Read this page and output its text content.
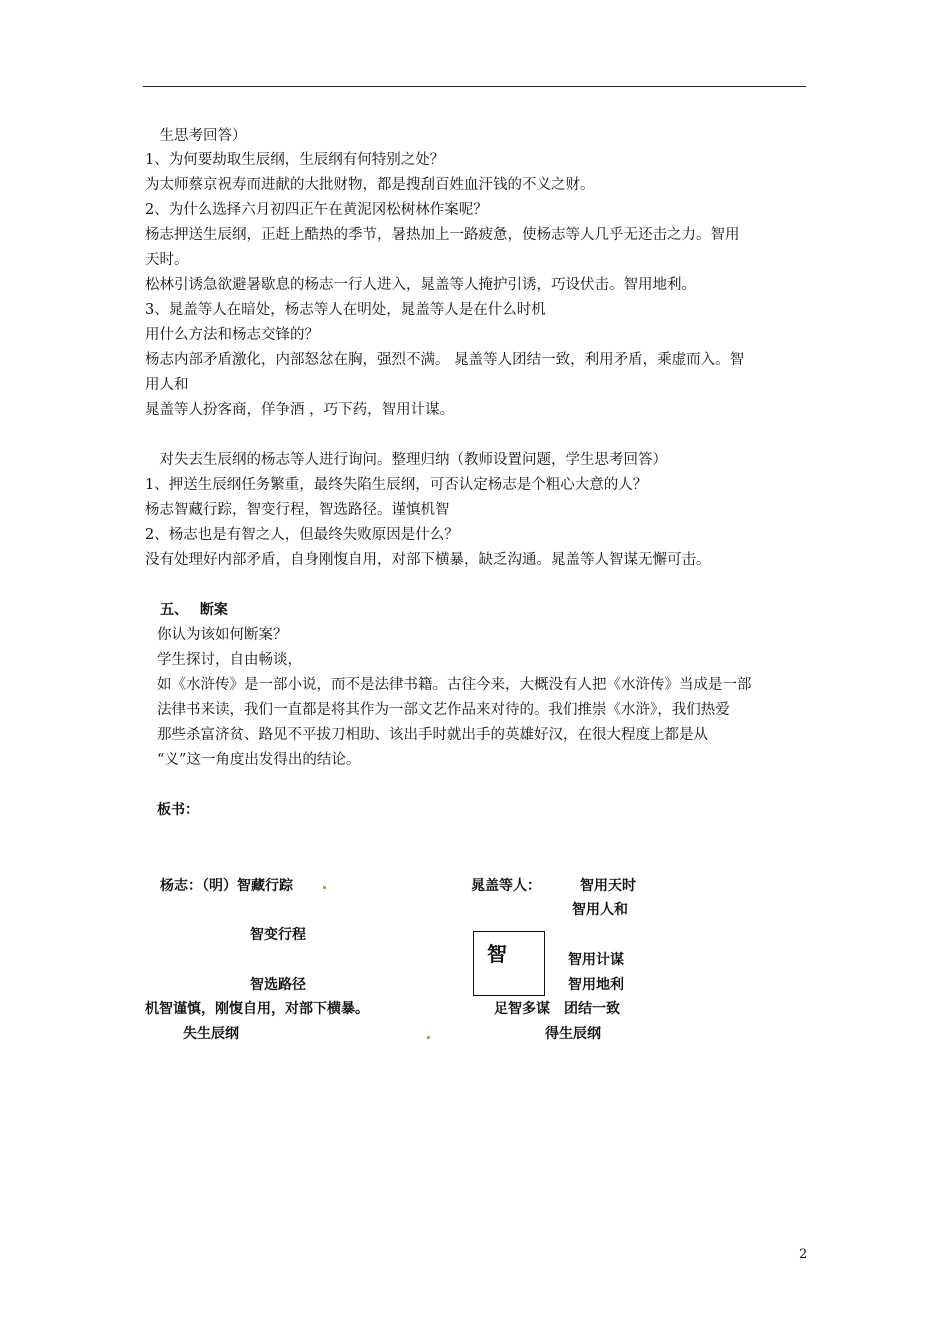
　生思考回答）
1、为何要劫取生辰纲，生辰纲有何特别之处？
为太师蔡京祝寿而进献的大批财物，都是搜刮百姓血汗钱的不义之财。
2、为什么选择六月初四正午在黄泥冈松树林作案呢？
杨志押送生辰纲，正赶上酷热的季节，暑热加上一路疲惫，使杨志等人几乎无还击之力。智用
天时。
松林引诱急欲避暑歇息的杨志一行人进入，晁盖等人掩护引诱，巧设伏击。智用地利。
3、晁盖等人在暗处，杨志等人在明处，晁盖等人是在什么时机
用什么方法和杨志交锋的？
杨志内部矛盾激化，内部怒忿在胸，强烈不满。 晁盖等人团结一致，利用矛盾，乘虚而入。智
用人和
晁盖等人扮客商，佯争酒 ，巧下药，智用计谋。
　对失去生辰纲的杨志等人进行询问。整理归纳（教师设置问题，学生思考回答）
1、押送生辰纲任务繁重，最终失陷生辰纲，可否认定杨志是个粗心大意的人？
杨志智藏行踪，智变行程，智选路径。谨慎机智
2、杨志也是有智之人，但最终失败原因是什么？
没有处理好内部矛盾，自身刚愎自用，对部下横暴，缺乏沟通。晁盖等人智谋无懈可击。
五、　 断案
你认为该如何断案？
学生探讨，自由畅谈，
如《水浒传》是一部小说，而不是法律书籍。古往今来，大概没有人把《水浒传》当成是一部
法律书来读，我们一直都是将其作为一部文艺作品来对待的。我们推崇《水浒》，我们热爱
那些杀富济贫、路见不平拔刀相助、该出手时就出手的英雄好汉，在很大程度上都是从
“义”这一角度出发得出的结论。
板书：
杨志：（明）智藏行踪
智变行程
智选路径
机智谨慎，刚愎自用，对部下横暴。
失生辰纲
晁盖等人：	智用天时
智用人和
智	智用计谋
智用地利
足智多谋　团结一致
得生辰纲
2
